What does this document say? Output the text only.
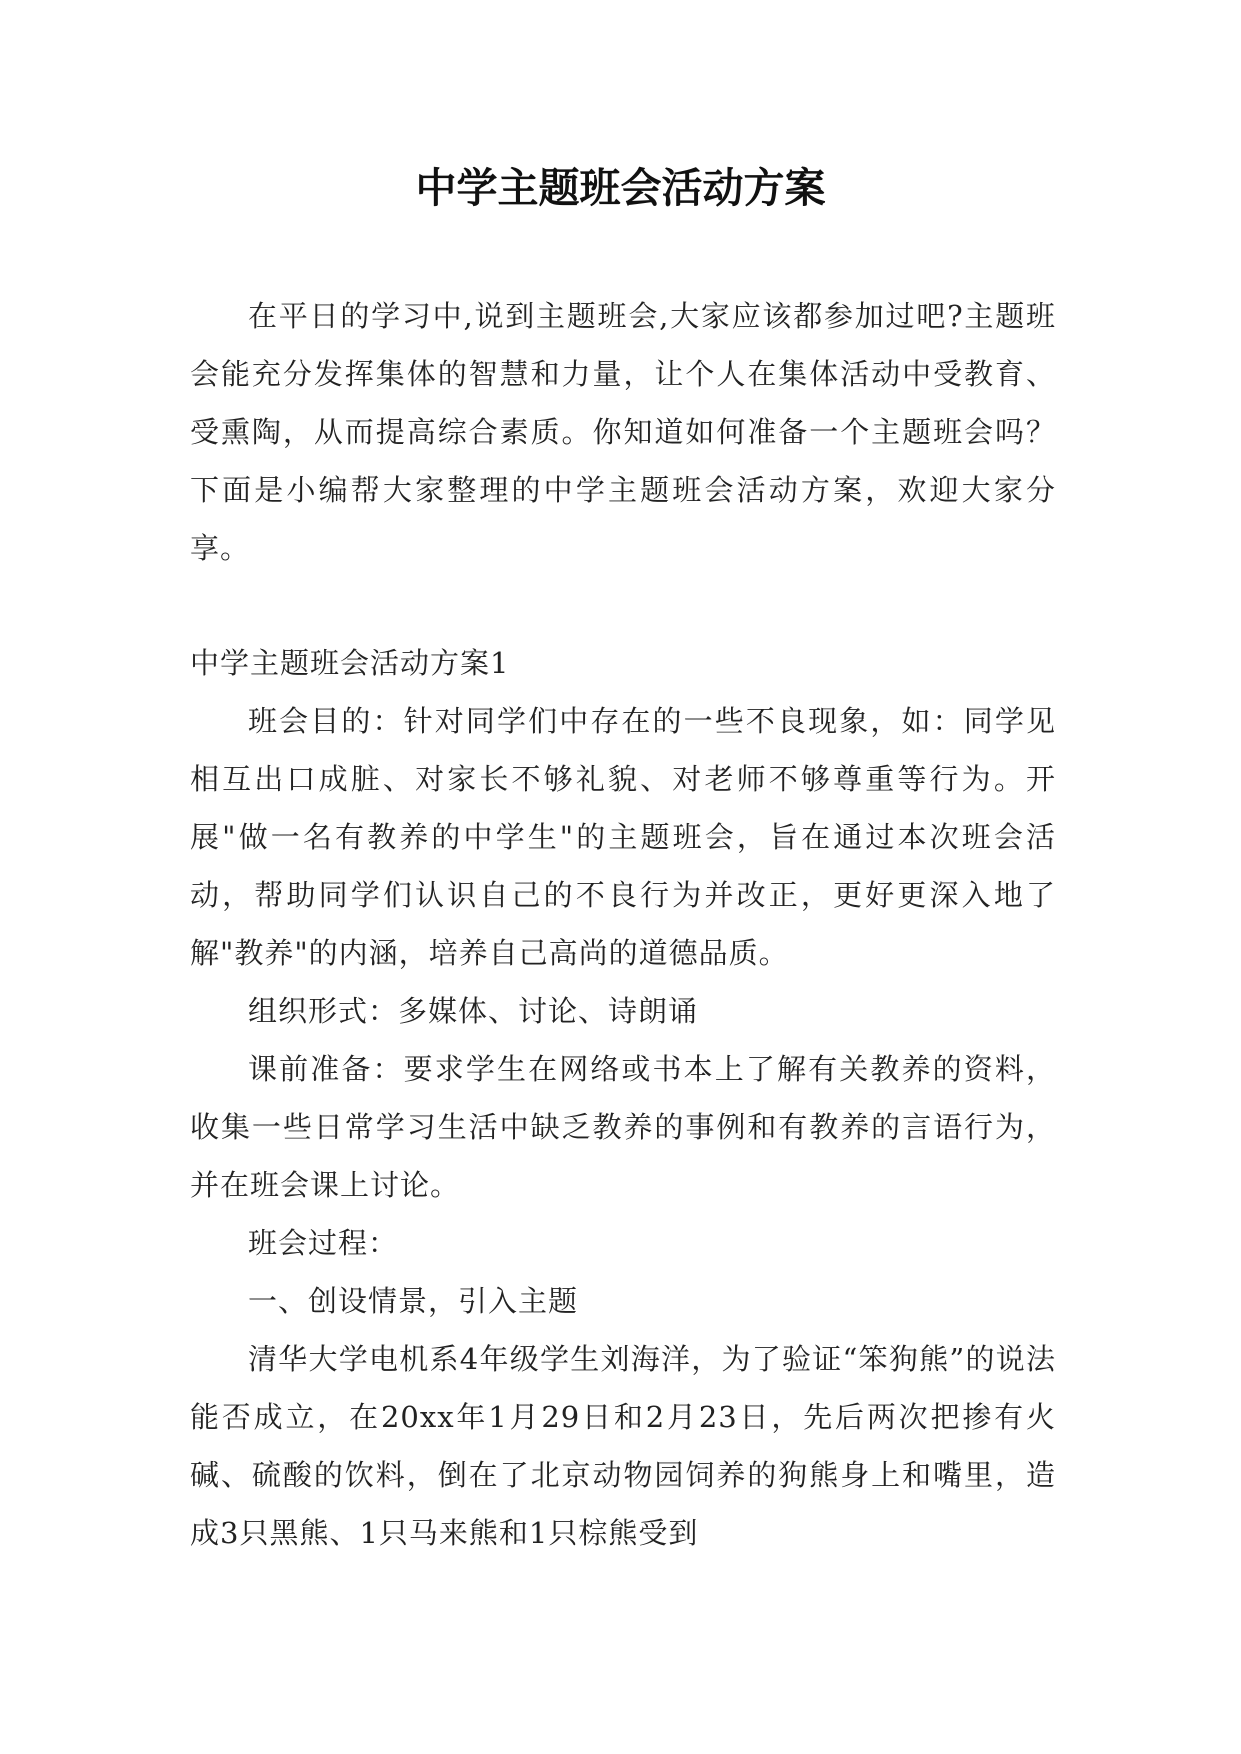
中学主题班会活动方案

在平日的学习中,说到主题班会,大家应该都参加过吧?主题班会能充分发挥集体的智慧和力量，让个人在集体活动中受教育、受熏陶，从而提高综合素质。你知道如何准备一个主题班会吗？下面是小编帮大家整理的中学主题班会活动方案，欢迎大家分享。

中学主题班会活动方案1

班会目的：针对同学们中存在的一些不良现象，如：同学见相互出口成脏、对家长不够礼貌、对老师不够尊重等行为。开展"做一名有教养的中学生"的主题班会，旨在通过本次班会活动，帮助同学们认识自己的不良行为并改正，更好更深入地了解"教养"的内涵，培养自己高尚的道德品质。

组织形式：多媒体、讨论、诗朗诵

课前准备：要求学生在网络或书本上了解有关教养的资料，收集一些日常学习生活中缺乏教养的事例和有教养的言语行为，并在班会课上讨论。

班会过程：

一、创设情景，引入主题

清华大学电机系4年级学生刘海洋，为了验证“笨狗熊”的说法能否成立，在20xx年1月29日和2月23日，先后两次把掺有火碱、硫酸的饮料，倒在了北京动物园饲养的狗熊身上和嘴里，造成3只黑熊、1只马来熊和1只棕熊受到
